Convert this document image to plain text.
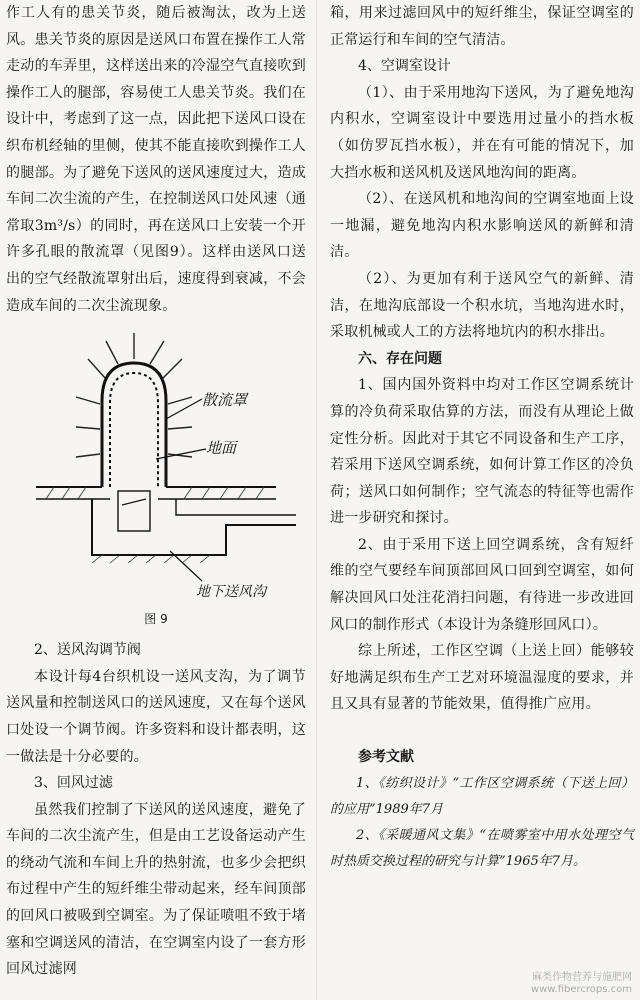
作工人有的患关节炎，随后被淘汰，改为上送风。患关节炎的原因是送风口布置在操作工人常走动的车弄里，这样送出来的冷湿空气直接吹到操作工人的腿部，容易使工人患关节炎。我们在设计中，考虑到了这一点，因此把下送风口设在织布机经轴的里侧，使其不能直接吹到操作工人的腿部。为了避免下送风的送风速度过大，造成车间二次尘流的产生，在控制送风口处风速（通常取3m³/s）的同时，再在送风口上安装一个开许多孔眼的散流罩（见图9）。这样由送风口送出的空气经散流罩射出后，速度得到衰减，不会造成车间的二次尘流现象。

散流罩
地面
地下送风沟
图 9

2、送风沟调节阀

本设计每4台织机设一送风支沟，为了调节送风量和控制送风口的送风速度，又在每个送风口处设一个调节阀。许多资料和设计都表明，这一做法是十分必要的。

3、回风过滤

虽然我们控制了下送风的送风速度，避免了车间的二次尘流产生，但是由工艺设备运动产生的绕动气流和车间上升的热射流，也多少会把织布过程中产生的短纤维尘带动起来，经车间顶部的回风口被吸到空调室。为了保证喷咀不致于堵塞和空调送风的清洁，在空调室内设了一套方形回风过滤网

箱，用来过滤回风中的短纤维尘，保证空调室的正常运行和车间的空气清洁。

4、空调室设计

（1）、由于采用地沟下送风，为了避免地沟内积水，空调室设计中要选用过量小的挡水板（如仿罗瓦挡水板），并在有可能的情况下，加大挡水板和送风机及送风地沟间的距离。

（2）、在送风机和地沟间的空调室地面上设一地漏，避免地沟内积水影响送风的新鲜和清洁。

（2）、为更加有利于送风空气的新鲜、清洁，在地沟底部设一个积水坑，当地沟进水时，采取机械或人工的方法将地坑内的积水排出。

六、存在问题

1、国内国外资料中均对工作区空调系统计算的冷负荷采取估算的方法，而没有从理论上做定性分析。因此对于其它不同设备和生产工序，若采用下送风空调系统，如何计算工作区的冷负荷；送风口如何制作；空气流态的特征等也需作进一步研究和探讨。

2、由于采用下送上回空调系统，含有短纤维的空气要经车间顶部回风口回到空调室，如何解决回风口处注花消扫问题，有待进一步改进回风口的制作形式（本设计为条缝形回风口）。

综上所述，工作区空调（上送上回）能够较好地满足织布生产工艺对环境温湿度的要求，并且又具有显著的节能效果，值得推广应用。

参考文献

1、《纺织设计》“工作区空调系统（下送上回）的应用”1989年7月

2、《采暖通风文集》“在喷雾室中用水处理空气时热质交换过程的研究与计算”1965年7月。

麻类作物营养与施肥网
www.fibercrops.com
